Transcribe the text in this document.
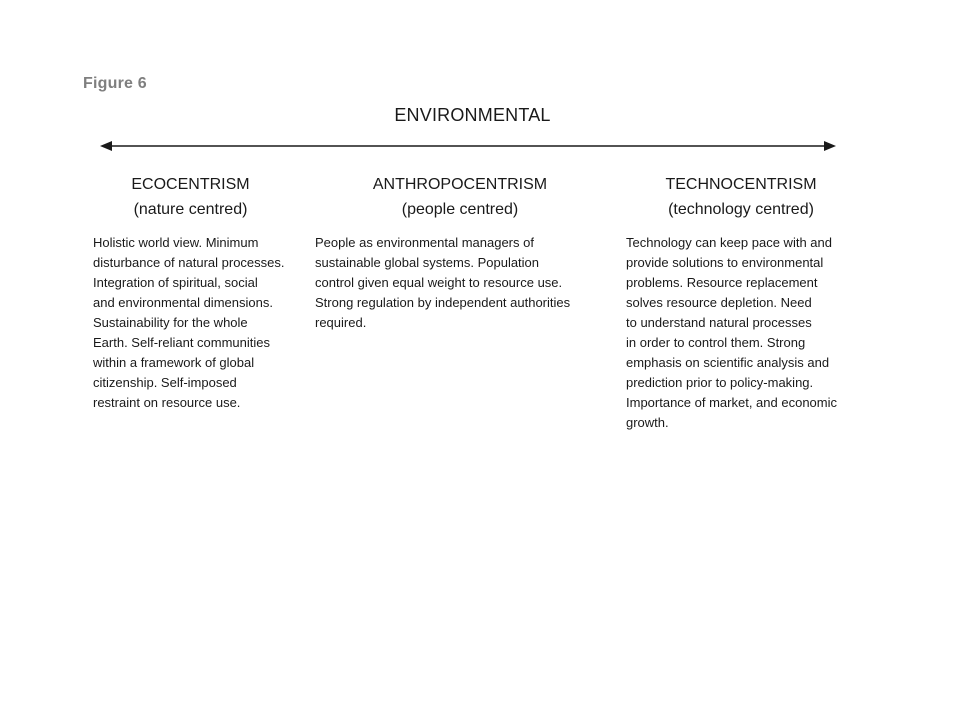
Figure 6
ENVIRONMENTAL
ECOCENTRISM
(nature centred)
Holistic world view. Minimum
disturbance of natural processes.
Integration of spiritual, social
and environmental dimensions.
Sustainability for the whole
Earth. Self-reliant communities
within a framework of global
citizenship. Self-imposed
restraint on resource use.
ANTHROPOCENTRISM
(people centred)
People as environmental managers of
sustainable global systems. Population
control given equal weight to resource use.
Strong regulation by independent authorities
required.
TECHNOCENTRISM
(technology centred)
Technology can keep pace with and
provide solutions to environmental
problems. Resource replacement
solves resource depletion. Need
to understand natural processes
in order to control them. Strong
emphasis on scientific analysis and
prediction prior to policy-making.
Importance of market, and economic
growth.
